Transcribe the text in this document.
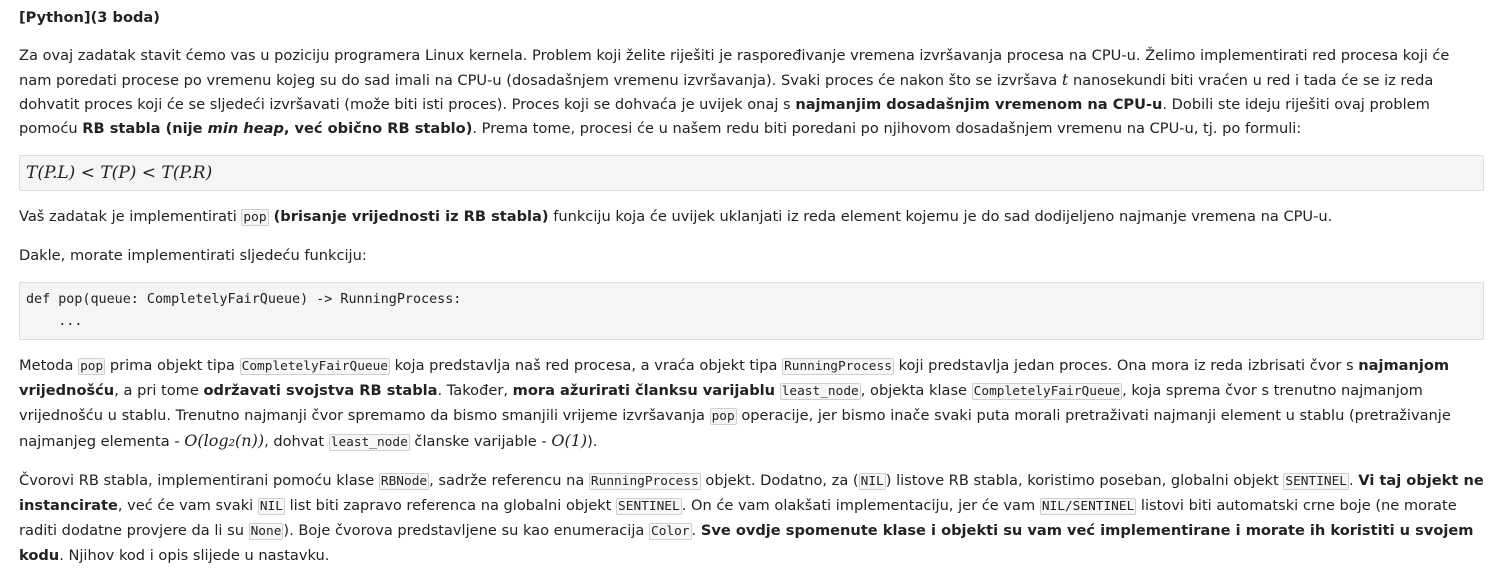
[Python](3 boda)

Za ovaj zadatak stavit ćemo vas u poziciju programera Linux kernela. Problem koji želite riješiti je raspoređivanje vremena izvršavanja procesa na CPU-u. Želimo implementirati red procesa koji će nam poredati procese po vremenu kojeg su do sad imali na CPU-u (dosadašnjem vremenu izvršavanja). Svaki proces će nakon što se izvršava t nanosekundi biti vraćen u red i tada će se iz reda dohvatit proces koji će se sljedeći izvršavati (može biti isti proces). Proces koji se dohvaća je uvijek onaj s najmanjim dosadašnjim vremenom na CPU-u. Dobili ste ideju riješiti ovaj problem pomoću RB stabla (nije min heap, već obično RB stablo). Prema tome, procesi će u našem redu biti poredani po njihovom dosadašnjem vremenu na CPU-u, tj. po formuli:

T(P.L) < T(P) < T(P.R)

Vaš zadatak je implementirati pop (brisanje vrijednosti iz RB stabla) funkciju koja će uvijek uklanjati iz reda element kojemu je do sad dodijeljeno najmanje vremena na CPU-u.

Dakle, morate implementirati sljedeću funkciju:

def pop(queue: CompletelyFairQueue) -> RunningProcess:
...

Metoda pop prima objekt tipa CompletelyFairQueue koja predstavlja naš red procesa, a vraća objekt tipa RunningProcess koji predstavlja jedan proces. Ona mora iz reda izbrisati čvor s najmanjom vrijednošću, a pri tome održavati svojstva RB stabla. Također, mora ažurirati članksu varijablu least_node , objekta klase CompletelyFairQueue , koja sprema čvor s trenutno najmanjom vrijednošću u stablu. Trenutno najmanji čvor spremamo da bismo smanjili vrijeme izvršavanja pop operacije, jer bismo inače svaki puta morali pretraživati najmanji element u stablu (pretraživanje najmanjeg elementa - O(log₂(n)), dohvat least_node članske varijable - O(1)).

Čvorovi RB stabla, implementirani pomoću klase RBNode , sadrže referencu na RunningProcess objekt. Dodatno, za ( NIL ) listove RB stabla, koristimo poseban, globalni objekt SENTINEL . Vi taj objekt ne instancirate, već će vam svaki NIL list biti zapravo referenca na globalni objekt SENTINEL . On će vam olakšati implementaciju, jer će vam NIL/SENTINEL listovi biti automatski crne boje (ne morate raditi dodatne provjere da li su None ). Boje čvorova predstavljene su kao enumeracija Color . Sve ovdje spomenute klase i objekti su vam već implementirane i morate ih koristiti u svojem kodu. Njihov kod i opis slijede u nastavku.
